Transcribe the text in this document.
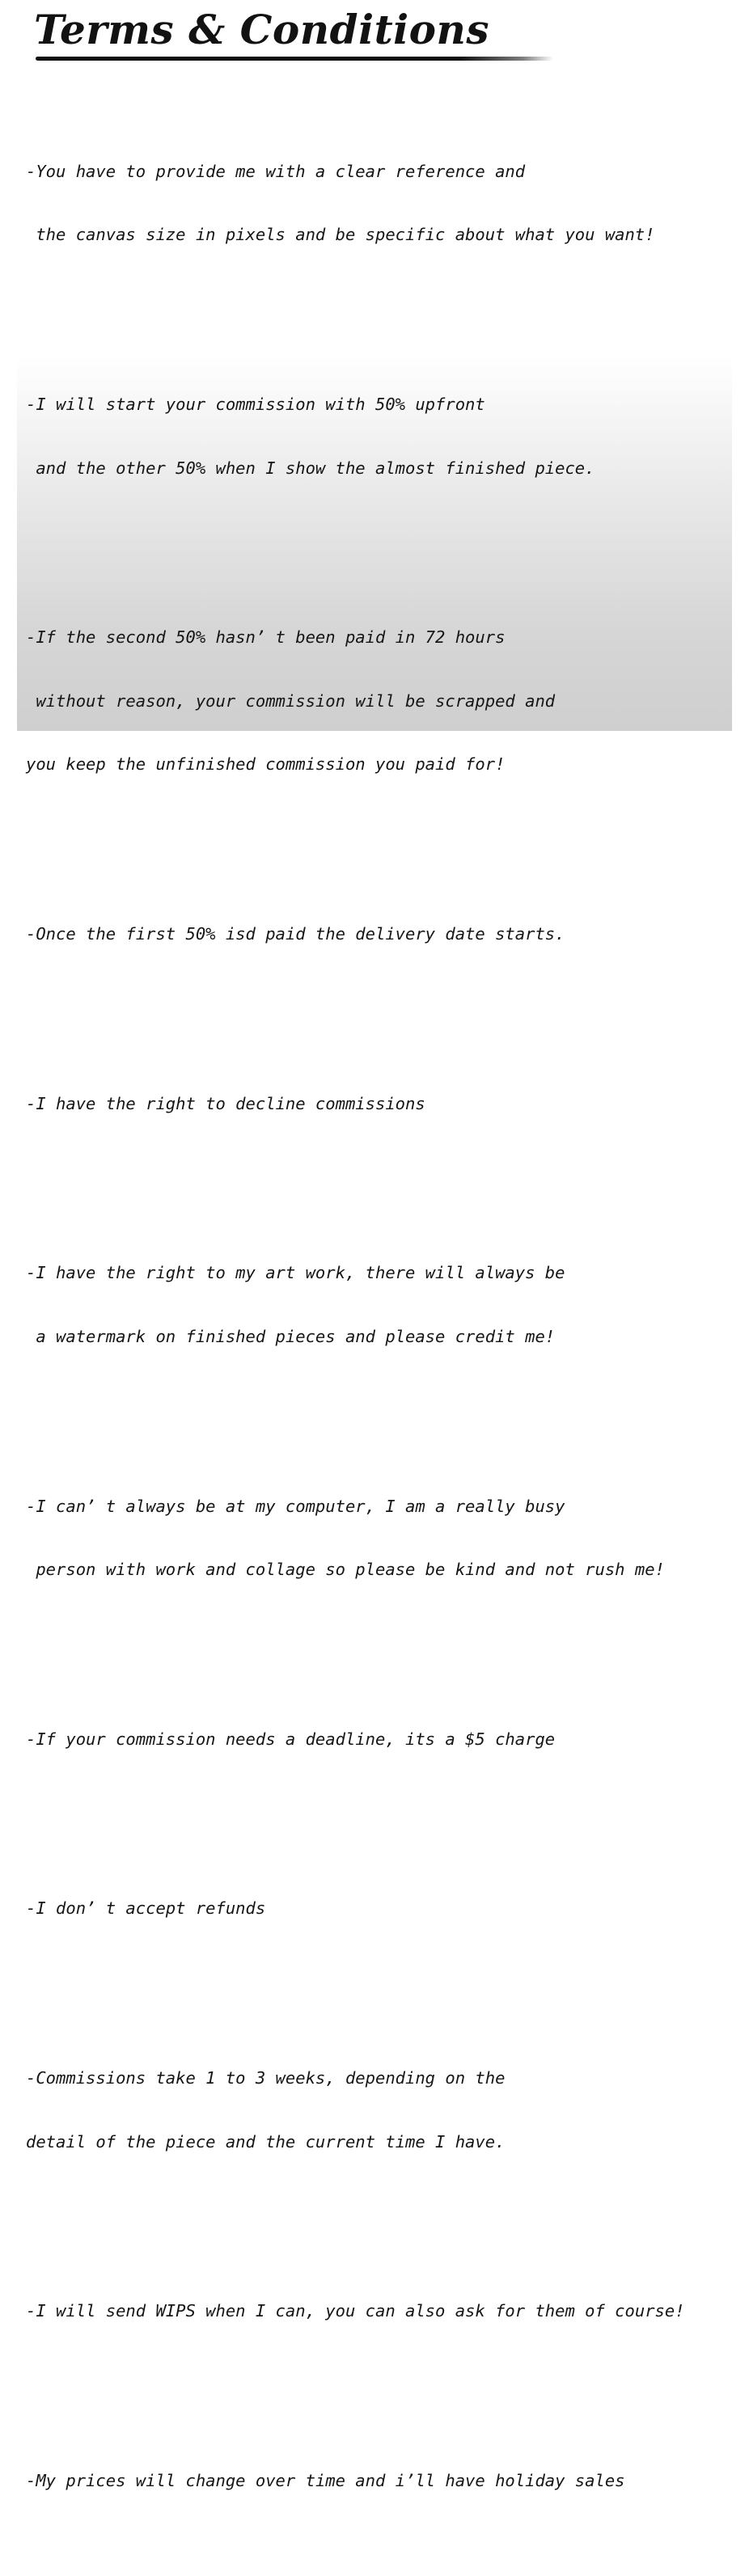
Terms & Conditions

-You have to provide me with a clear reference and

the canvas size in pixels and be specific about what you want!

-I will start your commission with 50% upfront

and the other 50% when I show the almost finished piece.

-If the second 50% hasn’ t been paid in 72 hours

without reason, your commission will be scrapped and

you keep the unfinished commission you paid for!

-Once the first 50% isd paid the delivery date starts.

-I have the right to decline commissions

-I have the right to my art work, there will always be

a watermark on finished pieces and please credit me!

-I can’ t always be at my computer, I am a really busy

person with work and collage so please be kind and not rush me!

-If your commission needs a deadline, its a $5 charge

-I don’ t accept refunds

-Commissions take 1 to 3 weeks, depending on the

detail of the piece and the current time I have.

-I will send WIPS when I can, you can also ask for them of course!

-My prices will change over time and i’ll have holiday sales
